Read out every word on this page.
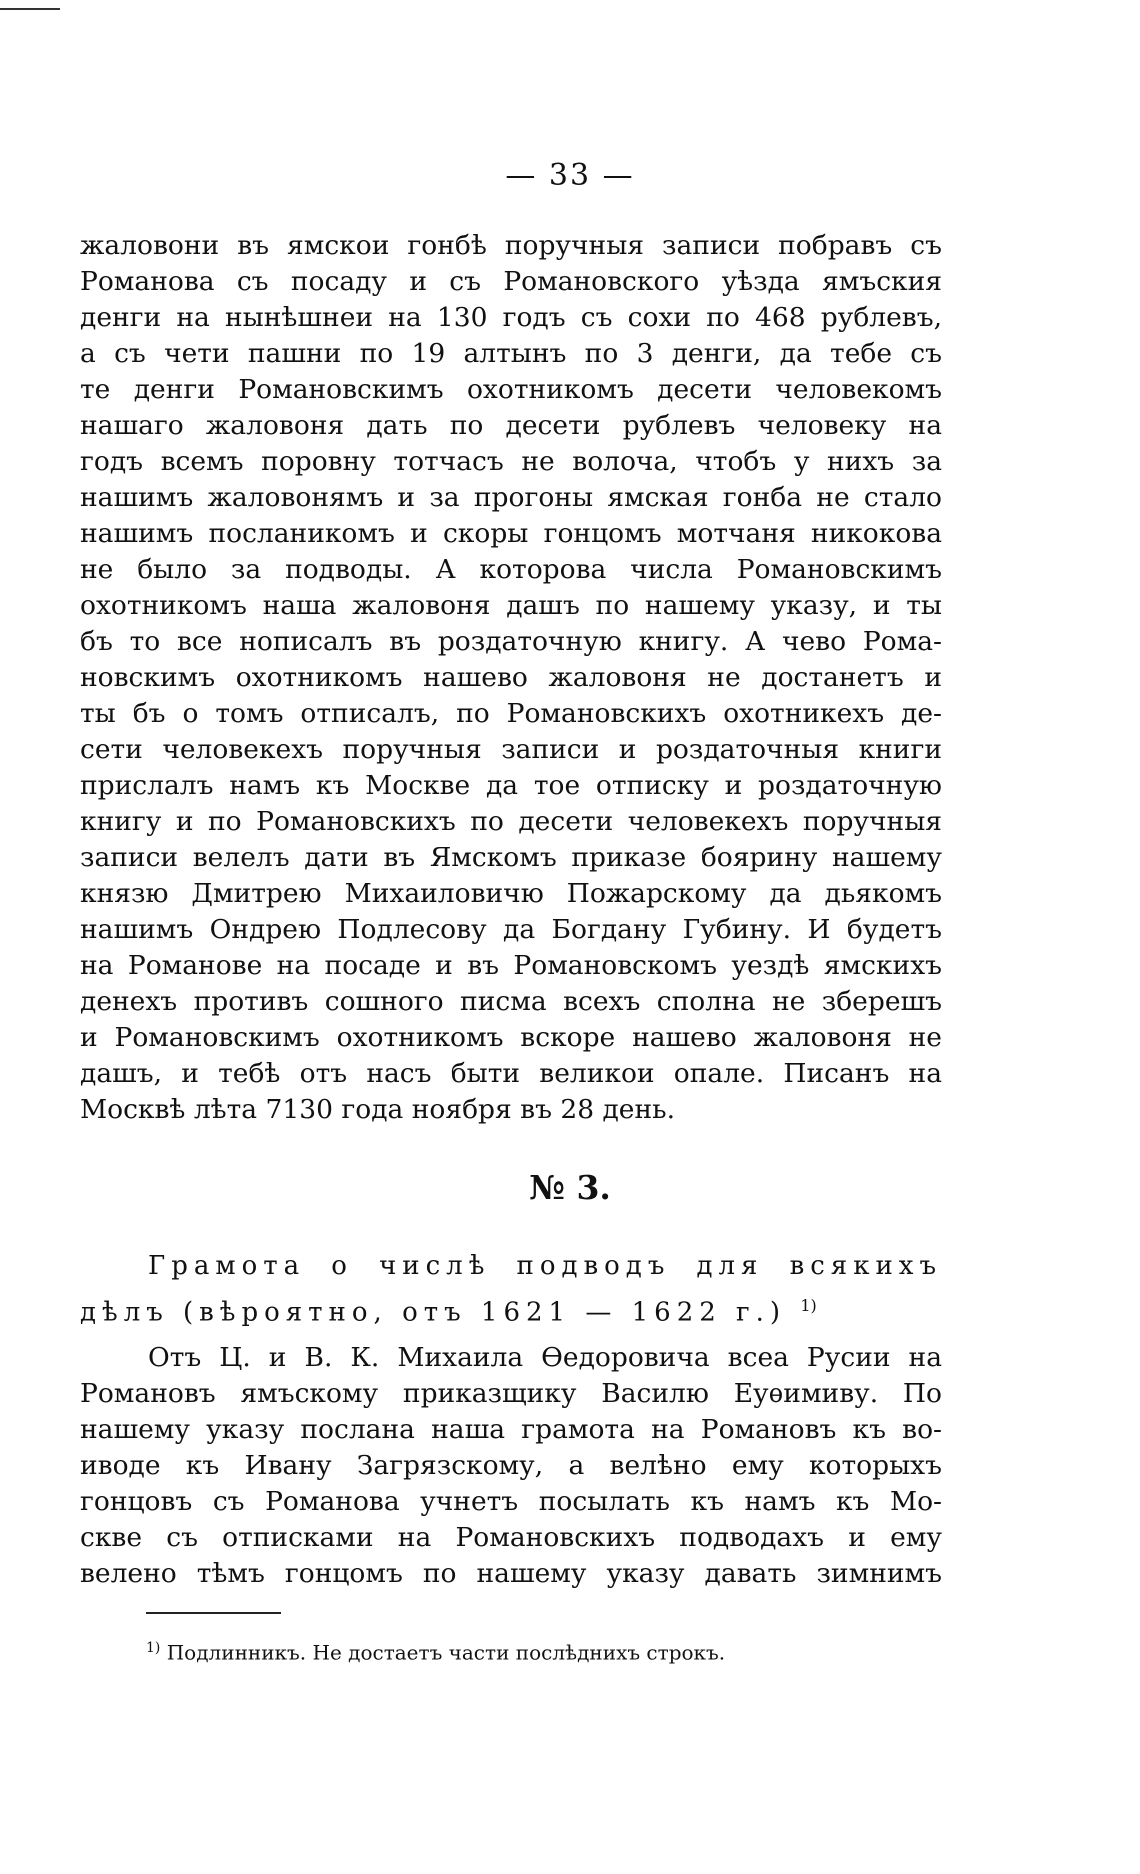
— 33 —
жаловони въ ямскои гонбѣ поручныя записи побравъ съ
Романова съ посаду и съ Романовского уѣзда ямъския
денги на нынѣшнеи на 130 годъ съ сохи по 468 рублевъ,
а съ чети пашни по 19 алтынъ по 3 денги, да тебе съ
те денги Романовскимъ охотникомъ десети человекомъ
нашаго жаловоня дать по десети рублевъ человеку на
годъ всемъ поровну тотчасъ не волоча, чтобъ у нихъ за
нашимъ жаловонямъ и за прогоны ямская гонба не стало
нашимъ посланикомъ и скоры гонцомъ мотчаня никокова
не было за подводы. А которова числа Романовскимъ
охотникомъ наша жаловоня дашъ по нашему указу, и ты
бъ то все нописалъ въ роздаточную книгу. А чево Рома-
новскимъ охотникомъ нашево жаловоня не достанетъ и
ты бъ о томъ отписалъ, по Романовскихъ охотникехъ де-
сети человекехъ поручныя записи и роздаточныя книги
прислалъ намъ къ Москве да тое отписку и роздаточную
книгу и по Романовскихъ по десети человекехъ поручныя
записи велелъ дати въ Ямскомъ приказе боярину нашему
князю Дмитрею Михаиловичю Пожарскому да дьякомъ
нашимъ Ондрею Подлесову да Богдану Губину. И будетъ
на Романове на посаде и въ Романовскомъ уездѣ ямскихъ
денехъ противъ сошного писма всехъ сполна не зберешъ
и Романовскимъ охотникомъ вскоре нашево жаловоня не
дашъ, и тебѣ отъ насъ быти великои опале. Писанъ на
Москвѣ лѣта 7130 года ноября въ 28 день.
№ 3.
Грамота о числѣ подводъ для всякихъ
дѣлъ (вѣроятно, отъ 1621 — 1622 г.) $^{1)}$
Отъ Ц. и В. К. Михаила Өедоровича всеа Русии на
Романовъ ямъскому приказщику Василю Еуѳимиву. По
нашему указу послана наша грамота на Романовъ къ во-
иводе къ Ивану Загрязскому, а велѣно ему которыхъ
гонцовъ съ Романова учнетъ посылать къ намъ къ Мо-
скве съ отписками на Романовскихъ подводахъ и ему
велено тѣмъ гонцомъ по нашему указу давать зимнимъ
$^{1)}$ Подлинникъ. Не достаетъ части послѣднихъ строкъ.
